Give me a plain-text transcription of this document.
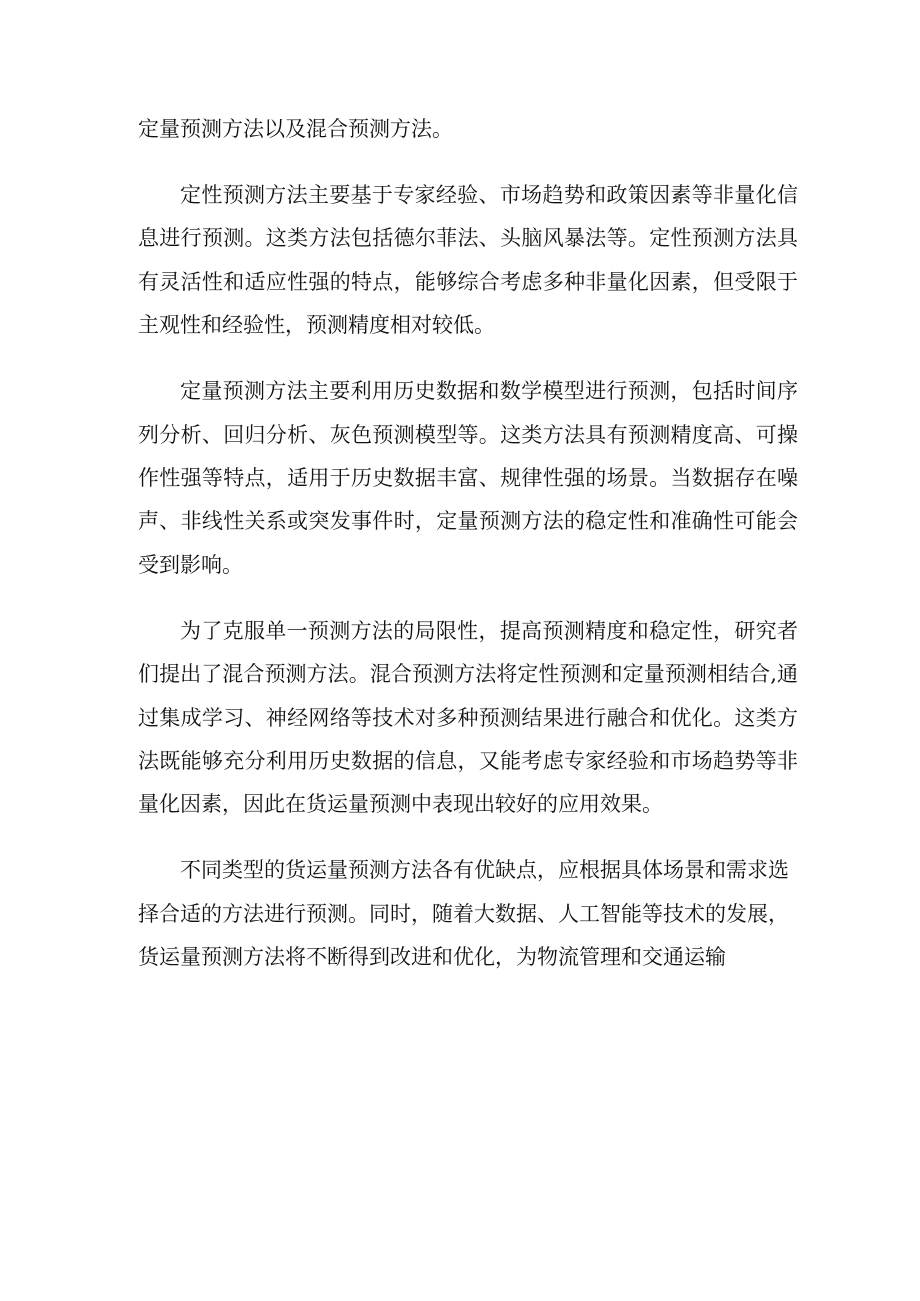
定量预测方法以及混合预测方法。

定性预测方法主要基于专家经验、市场趋势和政策因素等非量化信息进行预测。这类方法包括德尔菲法、头脑风暴法等。定性预测方法具有灵活性和适应性强的特点，能够综合考虑多种非量化因素，但受限于主观性和经验性，预测精度相对较低。

定量预测方法主要利用历史数据和数学模型进行预测，包括时间序列分析、回归分析、灰色预测模型等。这类方法具有预测精度高、可操作性强等特点，适用于历史数据丰富、规律性强的场景。当数据存在噪声、非线性关系或突发事件时，定量预测方法的稳定性和准确性可能会受到影响。

为了克服单一预测方法的局限性，提高预测精度和稳定性，研究者们提出了混合预测方法。混合预测方法将定性预测和定量预测相结合,通过集成学习、神经网络等技术对多种预测结果进行融合和优化。这类方法既能够充分利用历史数据的信息，又能考虑专家经验和市场趋势等非量化因素，因此在货运量预测中表现出较好的应用效果。

不同类型的货运量预测方法各有优缺点，应根据具体场景和需求选择合适的方法进行预测。同时，随着大数据、人工智能等技术的发展，货运量预测方法将不断得到改进和优化，为物流管理和交通运输
